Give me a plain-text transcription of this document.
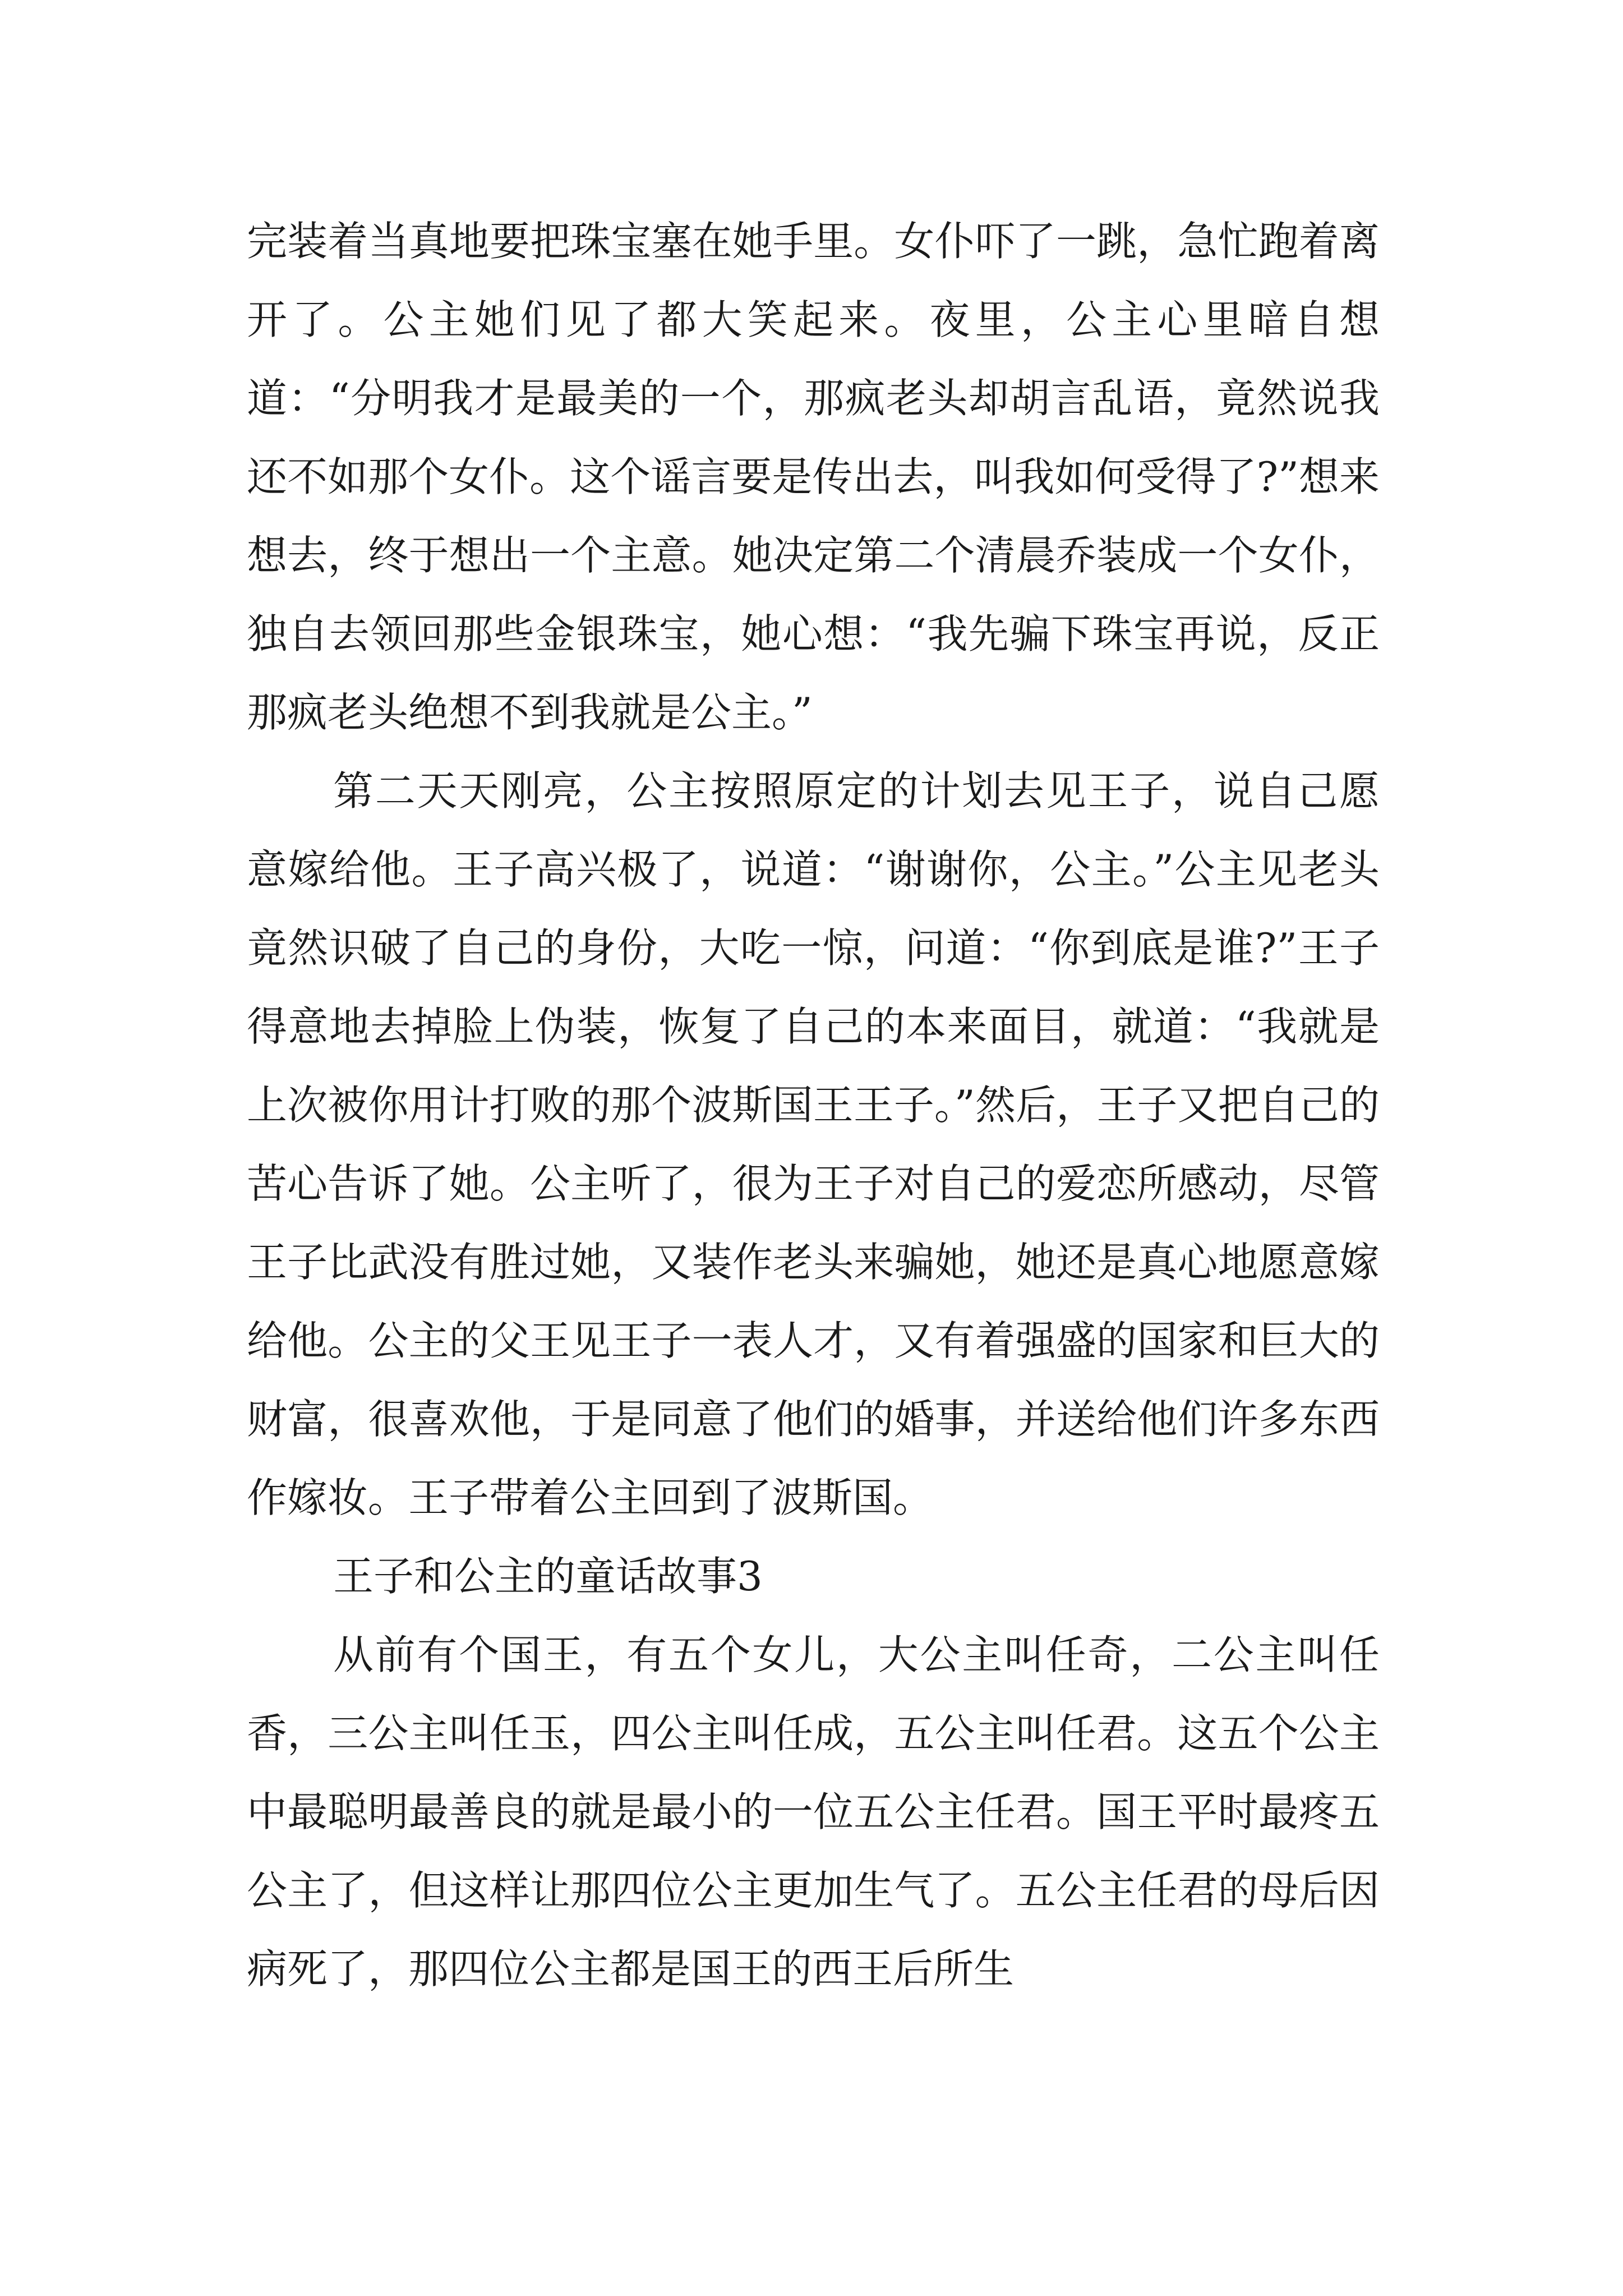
完装着当真地要把珠宝塞在她手里。女仆吓了一跳，急忙跑着离开了。公主她们见了都大笑起来。夜里，公主心里暗自想道：“分明我才是最美的一个，那疯老头却胡言乱语，竟然说我还不如那个女仆。这个谣言要是传出去，叫我如何受得了?”想来想去，终于想出一个主意。她决定第二个清晨乔装成一个女仆，独自去领回那些金银珠宝，她心想：“我先骗下珠宝再说，反正那疯老头绝想不到我就是公主。”

第二天天刚亮，公主按照原定的计划去见王子，说自己愿意嫁给他。王子高兴极了，说道：“谢谢你，公主。”公主见老头竟然识破了自己的身份，大吃一惊，问道：“你到底是谁?”王子得意地去掉脸上伪装，恢复了自己的本来面目，就道：“我就是上次被你用计打败的那个波斯国王王子。”然后，王子又把自己的苦心告诉了她。公主听了，很为王子对自己的爱恋所感动，尽管王子比武没有胜过她，又装作老头来骗她，她还是真心地愿意嫁给他。公主的父王见王子一表人才，又有着强盛的国家和巨大的财富，很喜欢他，于是同意了他们的婚事，并送给他们许多东西作嫁妆。王子带着公主回到了波斯国。

王子和公主的童话故事3

从前有个国王，有五个女儿，大公主叫任奇，二公主叫任香，三公主叫任玉，四公主叫任成，五公主叫任君。这五个公主中最聪明最善良的就是最小的一位五公主任君。国王平时最疼五公主了，但这样让那四位公主更加生气了。五公主任君的母后因病死了，那四位公主都是国王的西王后所生
